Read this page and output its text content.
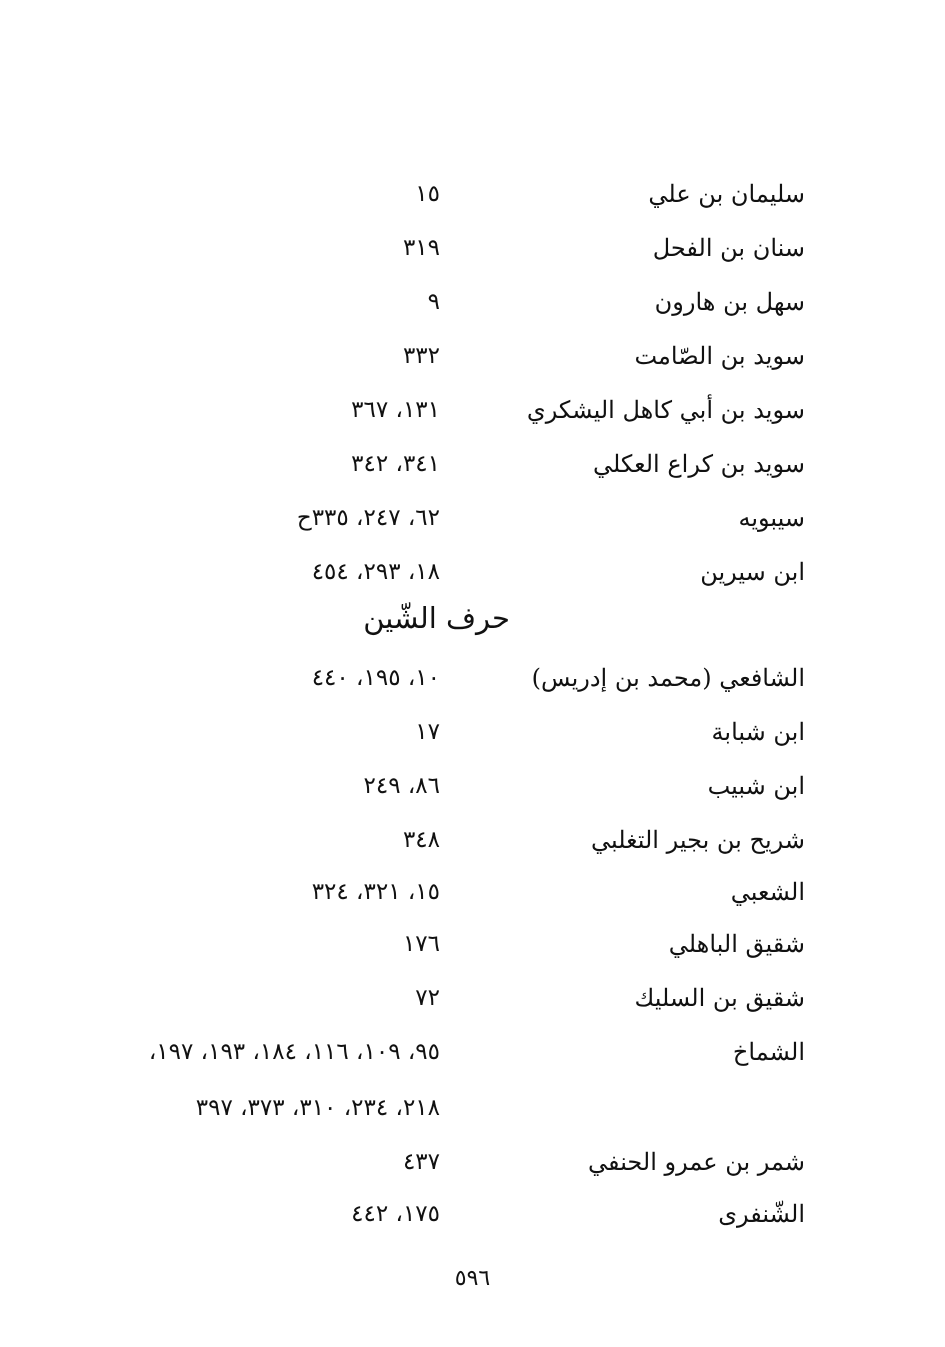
سليمان بن علي
١٥
سنان بن الفحل
٣١٩
سهل بن هارون
٩
سويد بن الصّامت
٣٣٢
سويد بن أبي كاهل اليشكري
١٣١، ٣٦٧
سويد بن كراع العكلي
٣٤١، ٣٤٢
سيبويه
٦٢، ٢٤٧، ٣٣٥ح
ابن سيرين
١٨، ٢٩٣، ٤٥٤
حرف الشّين
الشافعي (محمد بن إدريس)
١٠، ١٩٥، ٤٤٠
ابن شبابة
١٧
ابن شبيب
٨٦، ٢٤٩
شريح بن بجير التغلبي
٣٤٨
الشعبي
١٥، ٣٢١، ٣٢٤
شقيق الباهلي
١٧٦
شقيق بن السليك
٧٢
الشماخ
٩٥، ١٠٩، ١١٦، ١٨٤، ١٩٣، ١٩٧،
٢١٨، ٢٣٤، ٣١٠، ٣٧٣، ٣٩٧
شمر بن عمرو الحنفي
٤٣٧
الشّنفرى
١٧٥، ٤٤٢
٥٩٦
